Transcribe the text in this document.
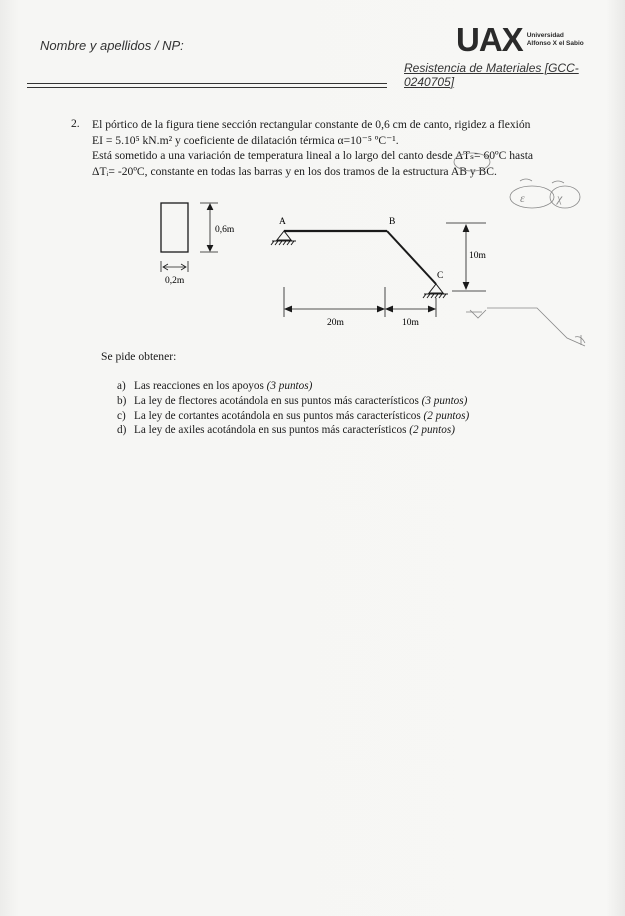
Nombre y apellidos / NP:	UAX Universidad
Alfonso X el Sabio
Resistencia de Materiales [GCC-0240705]
2. El pórtico de la figura tiene sección rectangular constante de 0,6 cm de canto, rigidez a flexión

EI = 5.10⁵ kN.m² y coeficiente de dilatación térmica α=10⁻⁵ ºC⁻¹.

Está sometido a una variación de temperatura lineal a lo largo del canto desde ΔTₛ= 60ºC hasta

ΔTᵢ= -20ºC, constante en todas las barras y en los dos tramos de la estructura AB y BC.

ε	χ
0,6m
0,2m
A	B
C
10m
20m	10m
Se pide obtener:
a) Las reacciones en los apoyos (3 puntos)
b) La ley de flectores acotándola en sus puntos más característicos (3 puntos)
c) La ley de cortantes acotándola en sus puntos más característicos (2 puntos)
d) La ley de axiles acotándola en sus puntos más característicos (2 puntos)
